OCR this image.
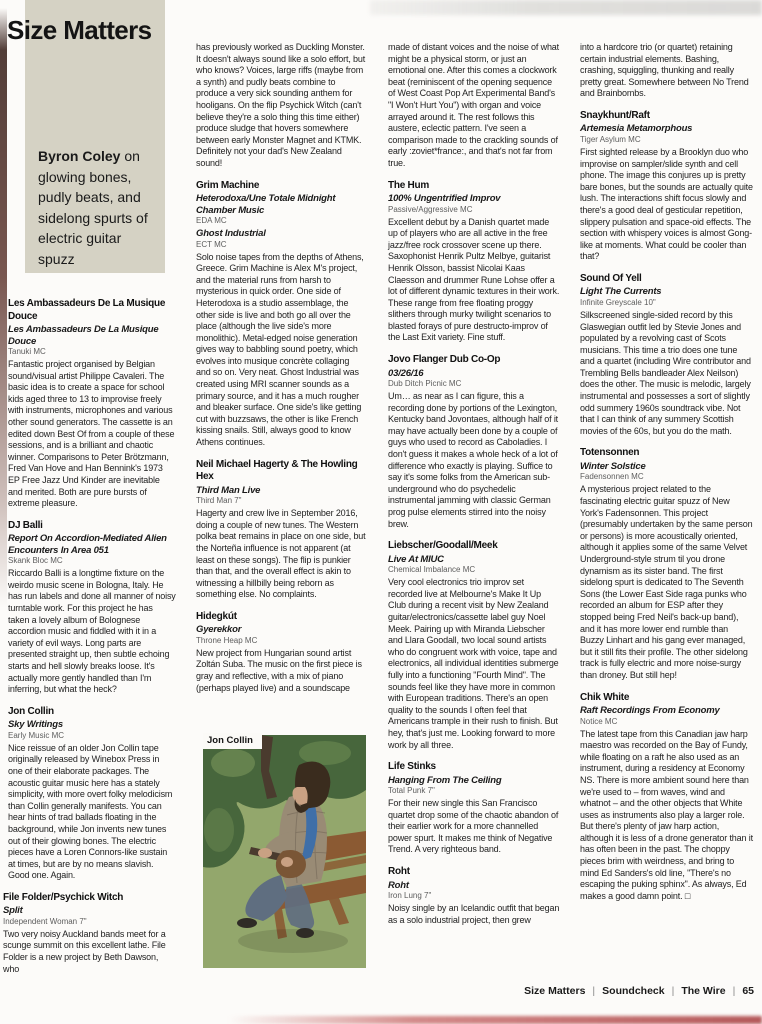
Byron Coley on glowing bones, pudly beats, and sidelong spurts of electric guitar spuzz
Size Matters
Les Ambassadeurs De La Musique Douce
Les Ambassadeurs De La Musique Douce
Tanuki MC

Fantastic project organised by Belgian sound/visual artist Philippe Cavaleri. The basic idea is to create a space for school kids aged three to 13 to improvise freely with instruments, microphones and various other sound generators. The cassette is an edited down Best Of from a couple of these sessions, and is a brilliant and chaotic winner. Comparisons to Peter Brötzmann, Fred Van Hove and Han Bennink's 1973 EP Free Jazz Und Kinder are inevitable and merited. Both are pure bursts of extreme pleasure.

DJ Balli
Report On Accordion-Mediated Alien Encounters In Area 051
Skank Bloc MC

Riccardo Balli is a longtime fixture on the weirdo music scene in Bologna, Italy. He has run labels and done all manner of noisy turntable work. For this project he has taken a lovely album of Bolognese accordion music and fiddled with it in a variety of evil ways. Long parts are presented straight up, then subtle echoing starts and hell slowly breaks loose. It's actually more gently handled than I'm inferring, but what the heck?

Jon Collin
Sky Writings
Early Music MC

Nice reissue of an older Jon Collin tape originally released by Winebox Press in one of their elaborate packages. The acoustic guitar music here has a stately simplicity, with more overt folky melodicism than Collin generally manifests. You can hear hints of trad ballads floating in the background, while Jon invents new tunes out of their glowing bones. The electric pieces have a Loren Connors-like sustain at times, but are by no means slavish. Good one. Again.

File Folder/Psychick Witch
Split
Independent Woman 7"

Two very noisy Auckland bands meet for a scunge summit on this excellent lathe. File Folder is a new project by Beth Dawson, who

has previously worked as Duckling Monster. It doesn't always sound like a solo effort, but who knows? Voices, large riffs (maybe from a synth) and pudly beats combine to produce a very sick sounding anthem for hooligans. On the flip Psychick Witch (can't believe they're a solo thing this time either) produce sludge that hovers somewhere between early Monster Magnet and KTMK. Definitely not your dad's New Zealand sound!

Grim Machine
Heterodoxa/Une Totale Midnight Chamber Music
EDA MC
Ghost Industrial
ECT MC

Solo noise tapes from the depths of Athens, Greece. Grim Machine is Alex M's project, and the material runs from harsh to mysterious in quick order. One side of Heterodoxa is a studio assemblage, the other side is live and both go all over the place (although the live side's more monolithic). Metal-edged noise generation gives way to babbling sound poetry, which evolves into musique concrète collaging and so on. Very neat. Ghost Industrial was created using MRI scanner sounds as a primary source, and it has a much rougher and bleaker surface. One side's like getting cut with buzzsaws, the other is like French kissing snails. Still, always good to know Athens continues.

Neil Michael Hagerty & The Howling Hex
Third Man Live
Third Man 7"

Hagerty and crew live in September 2016, doing a couple of new tunes. The Western polka beat remains in place on one side, but the Norteña influence is not apparent (at least on these songs). The flip is punkier than that, and the overall effect is akin to witnessing a hillbilly being reborn as something else. No complaints.

Hidegkút
Gyerekkor
Throne Heap MC

New project from Hungarian sound artist Zoltán Suba. The music on the first piece is gray and reflective, with a mix of piano (perhaps played live) and a soundscape

made of distant voices and the noise of what might be a physical storm, or just an emotional one. After this comes a clockwork beat (reminiscent of the opening sequence of West Coast Pop Art Experimental Band's "I Won't Hurt You") with organ and voice arrayed around it. The rest follows this austere, eclectic pattern. I've seen a comparison made to the crackling sounds of early :zoviet*france:, and that's not far from true.

The Hum
100% Ungentrified Improv
Passive/Aggressive MC

Excellent debut by a Danish quartet made up of players who are all active in the free jazz/free rock crossover scene up there. Saxophonist Henrik Pultz Melbye, guitarist Henrik Olsson, bassist Nicolai Kaas Claesson and drummer Rune Lohse offer a lot of different dynamic textures in their work. These range from free floating proggy slithers through murky twilight scenarios to blasted forays of pure destructo-improv of the Last Exit variety. Fine stuff.

Jovo Flanger Dub Co-Op
03/26/16
Dub Ditch Picnic MC

Um… as near as I can figure, this a recording done by portions of the Lexington, Kentucky band Jovontaes, although half of it may have actually been done by a couple of guys who used to record as Caboladies. I don't guess it makes a whole heck of a lot of difference who exactly is playing. Suffice to say it's some folks from the American sub-underground who do psychedelic instrumental jamming with classic German prog pulse elements stirred into the noisy brew.

Liebscher/Goodall/Meek
Live At MIUC
Chemical Imbalance MC

Very cool electronics trio improv set recorded live at Melbourne's Make It Up Club during a recent visit by New Zealand guitar/electronics/cassette label guy Noel Meek. Pairing up with Miranda Liebscher and Llara Goodall, two local sound artists who do congruent work with voice, tape and electronics, all individual identities submerge fully into a functioning "Fourth Mind". The sounds feel like they have more in common with European traditions. There's an open quality to the sounds I often feel that Americans trample in their rush to finish. But hey, that's just me. Looking forward to more work by all three.

Life Stinks
Hanging From The Ceiling
Total Punk 7"

For their new single this San Francisco quartet drop some of the chaotic abandon of their earlier work for a more channelled power spurt. It makes me think of Negative Trend. A very righteous band.

Roht
Roht
Iron Lung 7"

Noisy single by an Icelandic outfit that began as a solo industrial project, then grew

into a hardcore trio (or quartet) retaining certain industrial elements. Bashing, crashing, squiggling, thunking and really pretty great. Somewhere between No Trend and Brainbombs.

Snaykhunt/Raft
Artemesia Metamorphous
Tiger Asylum MC

First sighted release by a Brooklyn duo who improvise on sampler/slide synth and cell phone. The image this conjures up is pretty bare bones, but the sounds are actually quite lush. The interactions shift focus slowly and there's a good deal of gesticular repetition, slippery pulsation and space-oid effects. The section with whispery voices is almost Gong-like at moments. What could be cooler than that?

Sound Of Yell
Light The Currents
Infinite Greyscale 10"

Silkscreened single-sided record by this Glaswegian outfit led by Stevie Jones and populated by a revolving cast of Scots musicians. This time a trio does one tune and a quartet (including Wire contributor and Trembling Bells bandleader Alex Neilson) does the other. The music is melodic, largely instrumental and possesses a sort of slightly odd summery 1960s soundtrack vibe. Not that I can think of any summery Scottish movies of the 60s, but you do the math.

Totensonnen
Winter Solstice
Fadensonnen MC

A mysterious project related to the fascinating electric guitar spuzz of New York's Fadensonnen. This project (presumably undertaken by the same person or persons) is more acoustically oriented, although it applies some of the same Velvet Underground-style strum til you drone dynamism as its sister band. The first sidelong spurt is dedicated to The Seventh Sons (the Lower East Side raga punks who recorded an album for ESP after they stopped being Fred Neil's back-up band), and it has more lower end rumble than Buzzy Linhart and his gang ever managed, but it still fits their profile. The other sidelong track is fully electric and more noise-surgy than droney. But still hep!

Chik White
Raft Recordings From Economy
Notice MC

The latest tape from this Canadian jaw harp maestro was recorded on the Bay of Fundy, while floating on a raft he also used as an instrument, during a residency at Economy NS. There is more ambient sound here than we're used to – from waves, wind and whatnot – and the other objects that White uses as instruments also play a larger role. But there's plenty of jaw harp action, although it is less of a drone generator than it has often been in the past. The choppy pieces brim with weirdness, and bring to mind Ed Sanders's old line, "There's no escaping the puking sphinx". As always, Ed makes a good damn point. □

Jon Collin
Size Matters | Soundcheck | The Wire | 65
